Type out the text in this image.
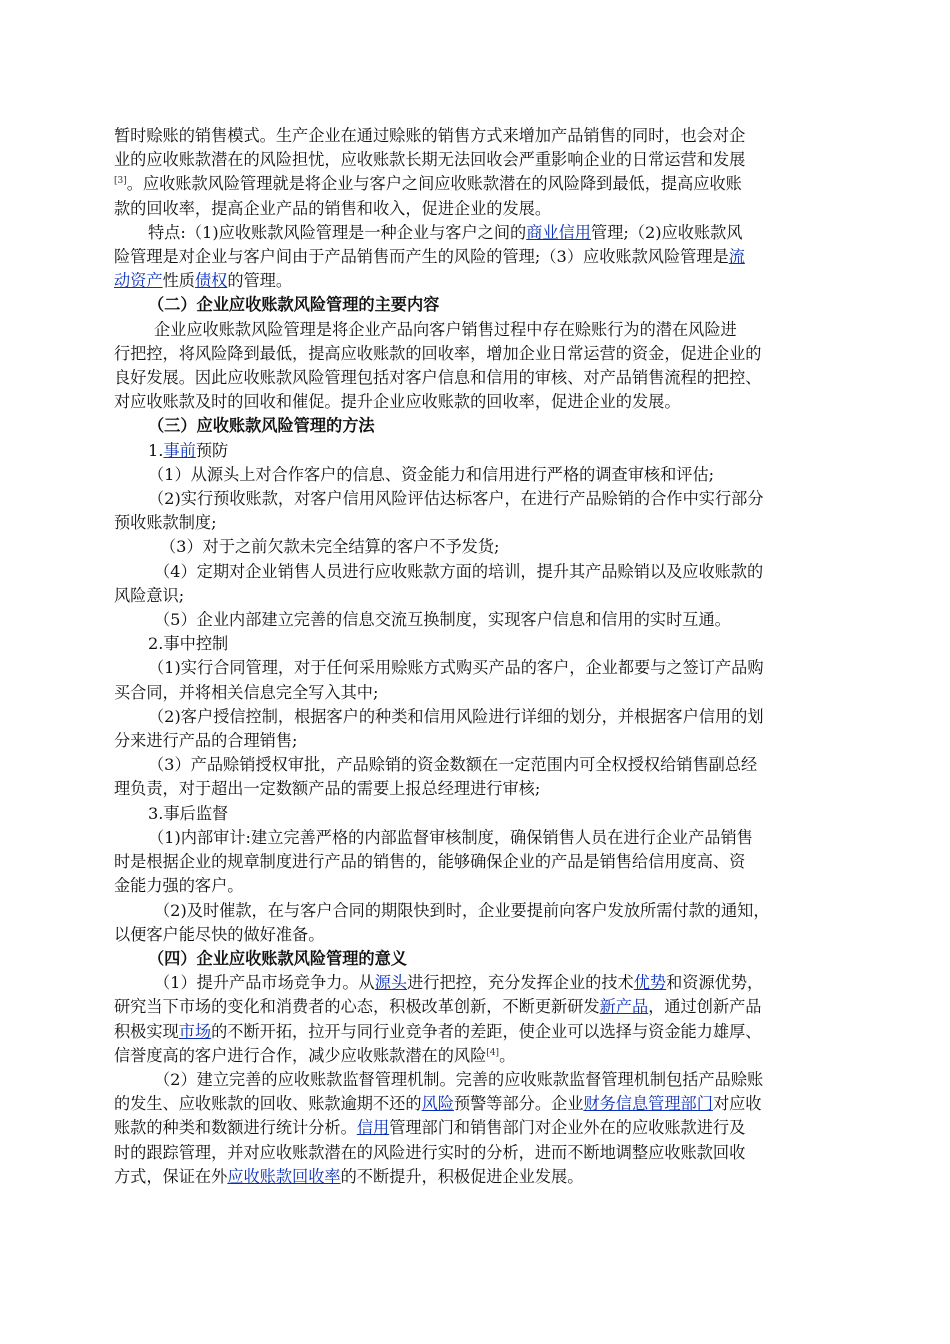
暂时赊账的销售模式。生产企业在通过赊账的销售方式来增加产品销售的同时，也会对企
业的应收账款潜在的风险担忧，应收账款长期无法回收会严重影响企业的日常运营和发展
[3]。应收账款风险管理就是将企业与客户之间应收账款潜在的风险降到最低，提高应收账
款的回收率，提高企业产品的销售和收入，促进企业的发展。
特点:（1)应收账款风险管理是一种企业与客户之间的商业信用管理;（2)应收账款风
险管理是对企业与客户间由于产品销售而产生的风险的管理;（3）应收账款风险管理是流
动资产性质债权的管理。
（二）企业应收账款风险管理的主要内容
企业应收账款风险管理是将企业产品向客户销售过程中存在赊账行为的潜在风险进
行把控，将风险降到最低，提高应收账款的回收率，增加企业日常运营的资金，促进企业的
良好发展。因此应收账款风险管理包括对客户信息和信用的审核、对产品销售流程的把控、
对应收账款及时的回收和催促。提升企业应收账款的回收率，促进企业的发展。
（三）应收账款风险管理的方法
1.事前预防
（1）从源头上对合作客户的信息、资金能力和信用进行严格的调查审核和评估;
（2)实行预收账款，对客户信用风险评估达标客户，在进行产品赊销的合作中实行部分
预收账款制度;
（3）对于之前欠款未完全结算的客户不予发货;
（4）定期对企业销售人员进行应收账款方面的培训，提升其产品赊销以及应收账款的
风险意识;
（5）企业内部建立完善的信息交流互换制度，实现客户信息和信用的实时互通。
2.事中控制
（1)实行合同管理，对于任何采用赊账方式购买产品的客户，企业都要与之签订产品购
买合同，并将相关信息完全写入其中;
（2)客户授信控制，根据客户的种类和信用风险进行详细的划分，并根据客户信用的划
分来进行产品的合理销售;
（3）产品赊销授权审批，产品赊销的资金数额在一定范围内可全权授权给销售副总经
理负责，对于超出一定数额产品的需要上报总经理进行审核;
3.事后监督
（1)内部审计:建立完善严格的内部监督审核制度，确保销售人员在进行企业产品销售
时是根据企业的规章制度进行产品的销售的，能够确保企业的产品是销售给信用度高、资
金能力强的客户。
（2)及时催款，在与客户合同的期限快到时，企业要提前向客户发放所需付款的通知，
以便客户能尽快的做好准备。
（四）企业应收账款风险管理的意义
（1）提升产品市场竞争力。从源头进行把控，充分发挥企业的技术优势和资源优势，
研究当下市场的变化和消费者的心态，积极改革创新，不断更新研发新产品，通过创新产品
积极实现市场的不断开拓，拉开与同行业竞争者的差距，使企业可以选择与资金能力雄厚、
信誉度高的客户进行合作，减少应收账款潜在的风险[4]。
（2）建立完善的应收账款监督管理机制。完善的应收账款监督管理机制包括产品赊账
的发生、应收账款的回收、账款逾期不还的风险预警等部分。企业财务信息管理部门对应收
账款的种类和数额进行统计分析。信用管理部门和销售部门对企业外在的应收账款进行及
时的跟踪管理，并对应收账款潜在的风险进行实时的分析，进而不断地调整应收账款回收
方式，保证在外应收账款回收率的不断提升，积极促进企业发展。
